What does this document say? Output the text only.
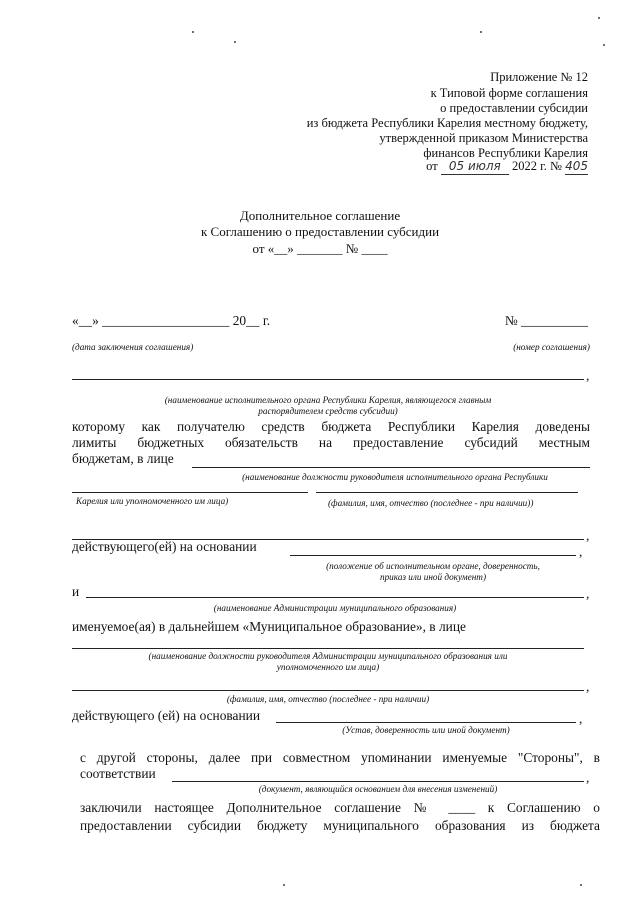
Приложение № 12
к Типовой форме соглашения
о предоставлении субсидии
из бюджета Республики Карелия местному бюджету,
утвержденной приказом Министерства
финансов Республики Карелия
от 05 июля 2022 г. № 405
Дополнительное соглашение
к Соглашению о предоставлении субсидии
от «__» _______ № ____
«__» ___________________ 20__ г.	№ __________
(дата заключения соглашения)	(номер соглашения)
,
(наименование исполнительного органа Республики Карелия, являющегося главным
распорядителем средств субсидии)
которому как получателю средств бюджета Республики Карелия доведены
лимиты бюджетных обязательств на предоставление субсидий местным
бюджетам, в лице
(наименование должности руководителя исполнительного органа Республики
Карелия или уполномоченного им лица)	(фамилия, имя, отчество (последнее - при наличии))
,
действующего(ей) на основании	,
(положение об исполнительном органе, доверенность,
приказ или иной документ)
и	,
(наименование Администрации муниципального образования)
именуемое(ая) в дальнейшем «Муниципальное образование», в лице
(наименование должности руководителя Администрации муниципального образования или
уполномоченного им лица)
,
(фамилия, имя, отчество (последнее - при наличии)
действующего (ей) на основании	,
(Устав, доверенность или иной документ)
с другой стороны, далее при совместном упоминании именуемые "Стороны", в
соответствии	,
(документ, являющийся основанием для внесения изменений)
заключили настоящее Дополнительное соглашение № ____ к Соглашению о
предоставлении субсидии бюджету муниципального образования из бюджета
